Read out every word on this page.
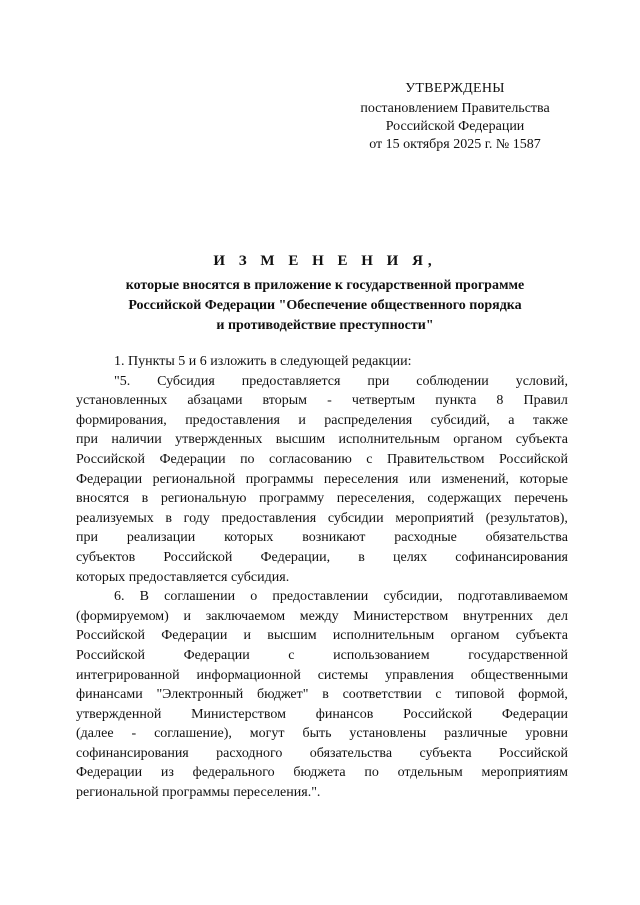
УТВЕРЖДЕНЫ
постановлением Правительства
Российской Федерации
от 15 октября 2025 г. № 1587
И З М Е Н Е Н И Я,
которые вносятся в приложение к государственной программе
Российской Федерации "Обеспечение общественного порядка
и противодействие преступности"
1. Пункты 5 и 6 изложить в следующей редакции:
"5. Субсидия предоставляется при соблюдении условий,
установленных абзацами вторым - четвертым пункта 8 Правил
формирования, предоставления и распределения субсидий, а также
при наличии утвержденных высшим исполнительным органом субъекта
Российской Федерации по согласованию с Правительством Российской
Федерации региональной программы переселения или изменений, которые
вносятся в региональную программу переселения, содержащих перечень
реализуемых в году предоставления субсидии мероприятий (результатов),
при реализации которых возникают расходные обязательства
субъектов Российской Федерации, в целях софинансирования
которых предоставляется субсидия.
6. В соглашении о предоставлении субсидии, подготавливаемом
(формируемом) и заключаемом между Министерством внутренних дел
Российской Федерации и высшим исполнительным органом субъекта
Российской	Федерации	с	использованием	государственной
интегрированной информационной системы управления общественными
финансами "Электронный бюджет" в соответствии с типовой формой,
утвержденной Министерством финансов Российской Федерации
(далее - соглашение), могут быть установлены различные уровни
софинансирования расходного обязательства субъекта Российской
Федерации из федерального бюджета по отдельным мероприятиям
региональной программы переселения.".
